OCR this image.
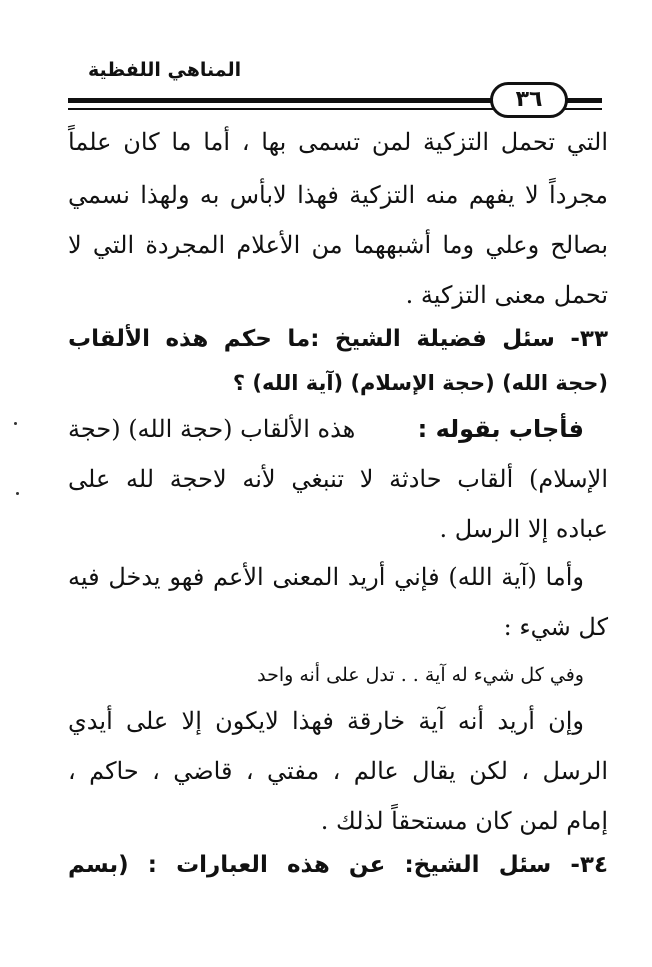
المناهي اللفظية
٣٦
التي تحمل التزكية لمن تسمى بها ، أما ما كان علماً
مجرداً لا يفهم منه التزكية فهذا لابأس به ولهذا نسمي
بصالح وعلي وما أشبههما من الأعلام المجردة التي لا
تحمل معنى التزكية .
٣٣- سئل فضيلة الشيخ :ما حكم هذه الألقاب
(حجة الله) (حجة الإسلام) (آية الله) ؟
فأجاب بقوله :
هذه الألقاب (حجة الله) (حجة
الإسلام) ألقاب حادثة لا تنبغي لأنه لاحجة لله على
عباده إلا الرسل .
وأما (آية الله) فإني أريد المعنى الأعم فهو يدخل فيه
كل شيء :
وفي كل شيء له آية . . تدل على أنه واحد
وإن أريد أنه آية خارقة فهذا لايكون إلا على أيدي
الرسل ، لكن يقال عالم ، مفتي ، قاضي ، حاكم ،
إمام لمن كان مستحقاً لذلك .
٣٤- سئل الشيخ: عن هذه العبارات : (بسم
